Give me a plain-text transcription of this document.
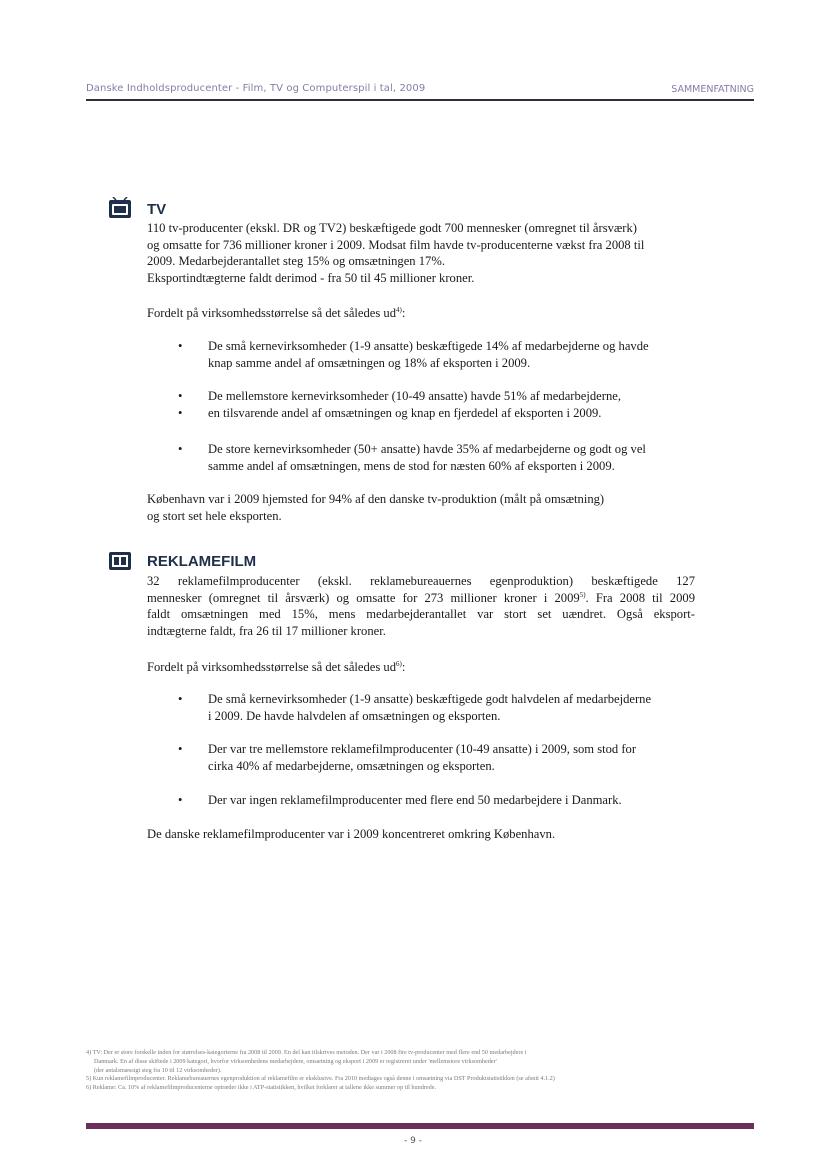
Danske Indholdsproducenter - Film, TV og Computerspil i tal, 2009	SAMMENFATNING
TV

110 tv-producenter (ekskl. DR og TV2) beskæftigede godt 700 mennesker (omregnet til årsværk)

og omsatte for 736 millioner kroner i 2009. Modsat film havde tv-producenterne vækst fra 2008 til

2009. Medarbejderantallet steg 15% og omsætningen 17%.

Eksportindtægterne faldt derimod - fra 50 til 45 millioner kroner.

Fordelt på virksomhedsstørrelse så det således $ud^{4)}$:
• De små kernevirksomheder (1-9 ansatte) beskæftigede 14% af medarbejderne og havde
knap samme andel af omsætningen og 18% af eksporten i 2009.
• De mellemstore kernevirksomheder (10-49 ansatte) havde 51% af medarbejderne,
• en tilsvarende andel af omsætningen og knap en fjerdedel af eksporten i 2009.
• De store kernevirksomheder (50+ ansatte) havde 35% af medarbejderne og godt og vel
samme andel af omsætningen, mens de stod for næsten 60% af eksporten i 2009.

København var i 2009 hjemsted for 94% af den danske tv-produktion (målt på omsætning)

og stort set hele eksporten.

REKLAMEFILM

32 reklamefilmproducenter (ekskl. reklamebureauernes egenproduktion) beskæftigede 127

mennesker (omregnet til årsværk) og omsatte for 273 millioner kroner i 2009$^{5)}$. Fra 2008 til 2009

faldt omsætningen med 15%, mens medarbejderantallet var stort set uændret. Også eksport-

indtægterne faldt, fra 26 til 17 millioner kroner.

Fordelt på virksomhedsstørrelse så det således $ud^{6)}$:
• De små kernevirksomheder (1-9 ansatte) beskæftigede godt halvdelen af medarbejderne
i 2009. De havde halvdelen af omsætningen og eksporten.
• Der var tre mellemstore reklamefilmproducenter (10-49 ansatte) i 2009, som stod for
cirka 40% af medarbejderne, omsætningen og eksporten.
• Der var ingen reklamefilmproducenter med flere end 50 medarbejdere i Danmark.
De danske reklamefilmproducenter var i 2009 koncentreret omkring København.
4) TV: Der er store forskelle inden for størrelses-kategorierne fra 2008 til 2009. En del kan tilskrives metoden. Der var i 2008 fire tv-producenter med flere end 50 medarbejdere i
Danmark. En af disse skiftede i 2009 kategori, hvorfor virksomhedens medarbejdere, omsætning og eksport i 2009 er registreret under 'mellemstore virksomheder'
(der antalsmæssigt steg fra 10 til 12 virksomheder).
5) Kun reklamefilmproducenter. Reklamebureauernes egenproduktion af reklamefilm er eksklusive. Fra 2010 medtages også denne i omsætning via DST Produktstatistikken (se afsnit 4.1.2)
6) Reklame: Ca. 10% af reklamefilmproducenterne optræder ikke i ATP-statistikken, hvilket forklarer at tallene ikke summer op til hundrede.
- 9 -
